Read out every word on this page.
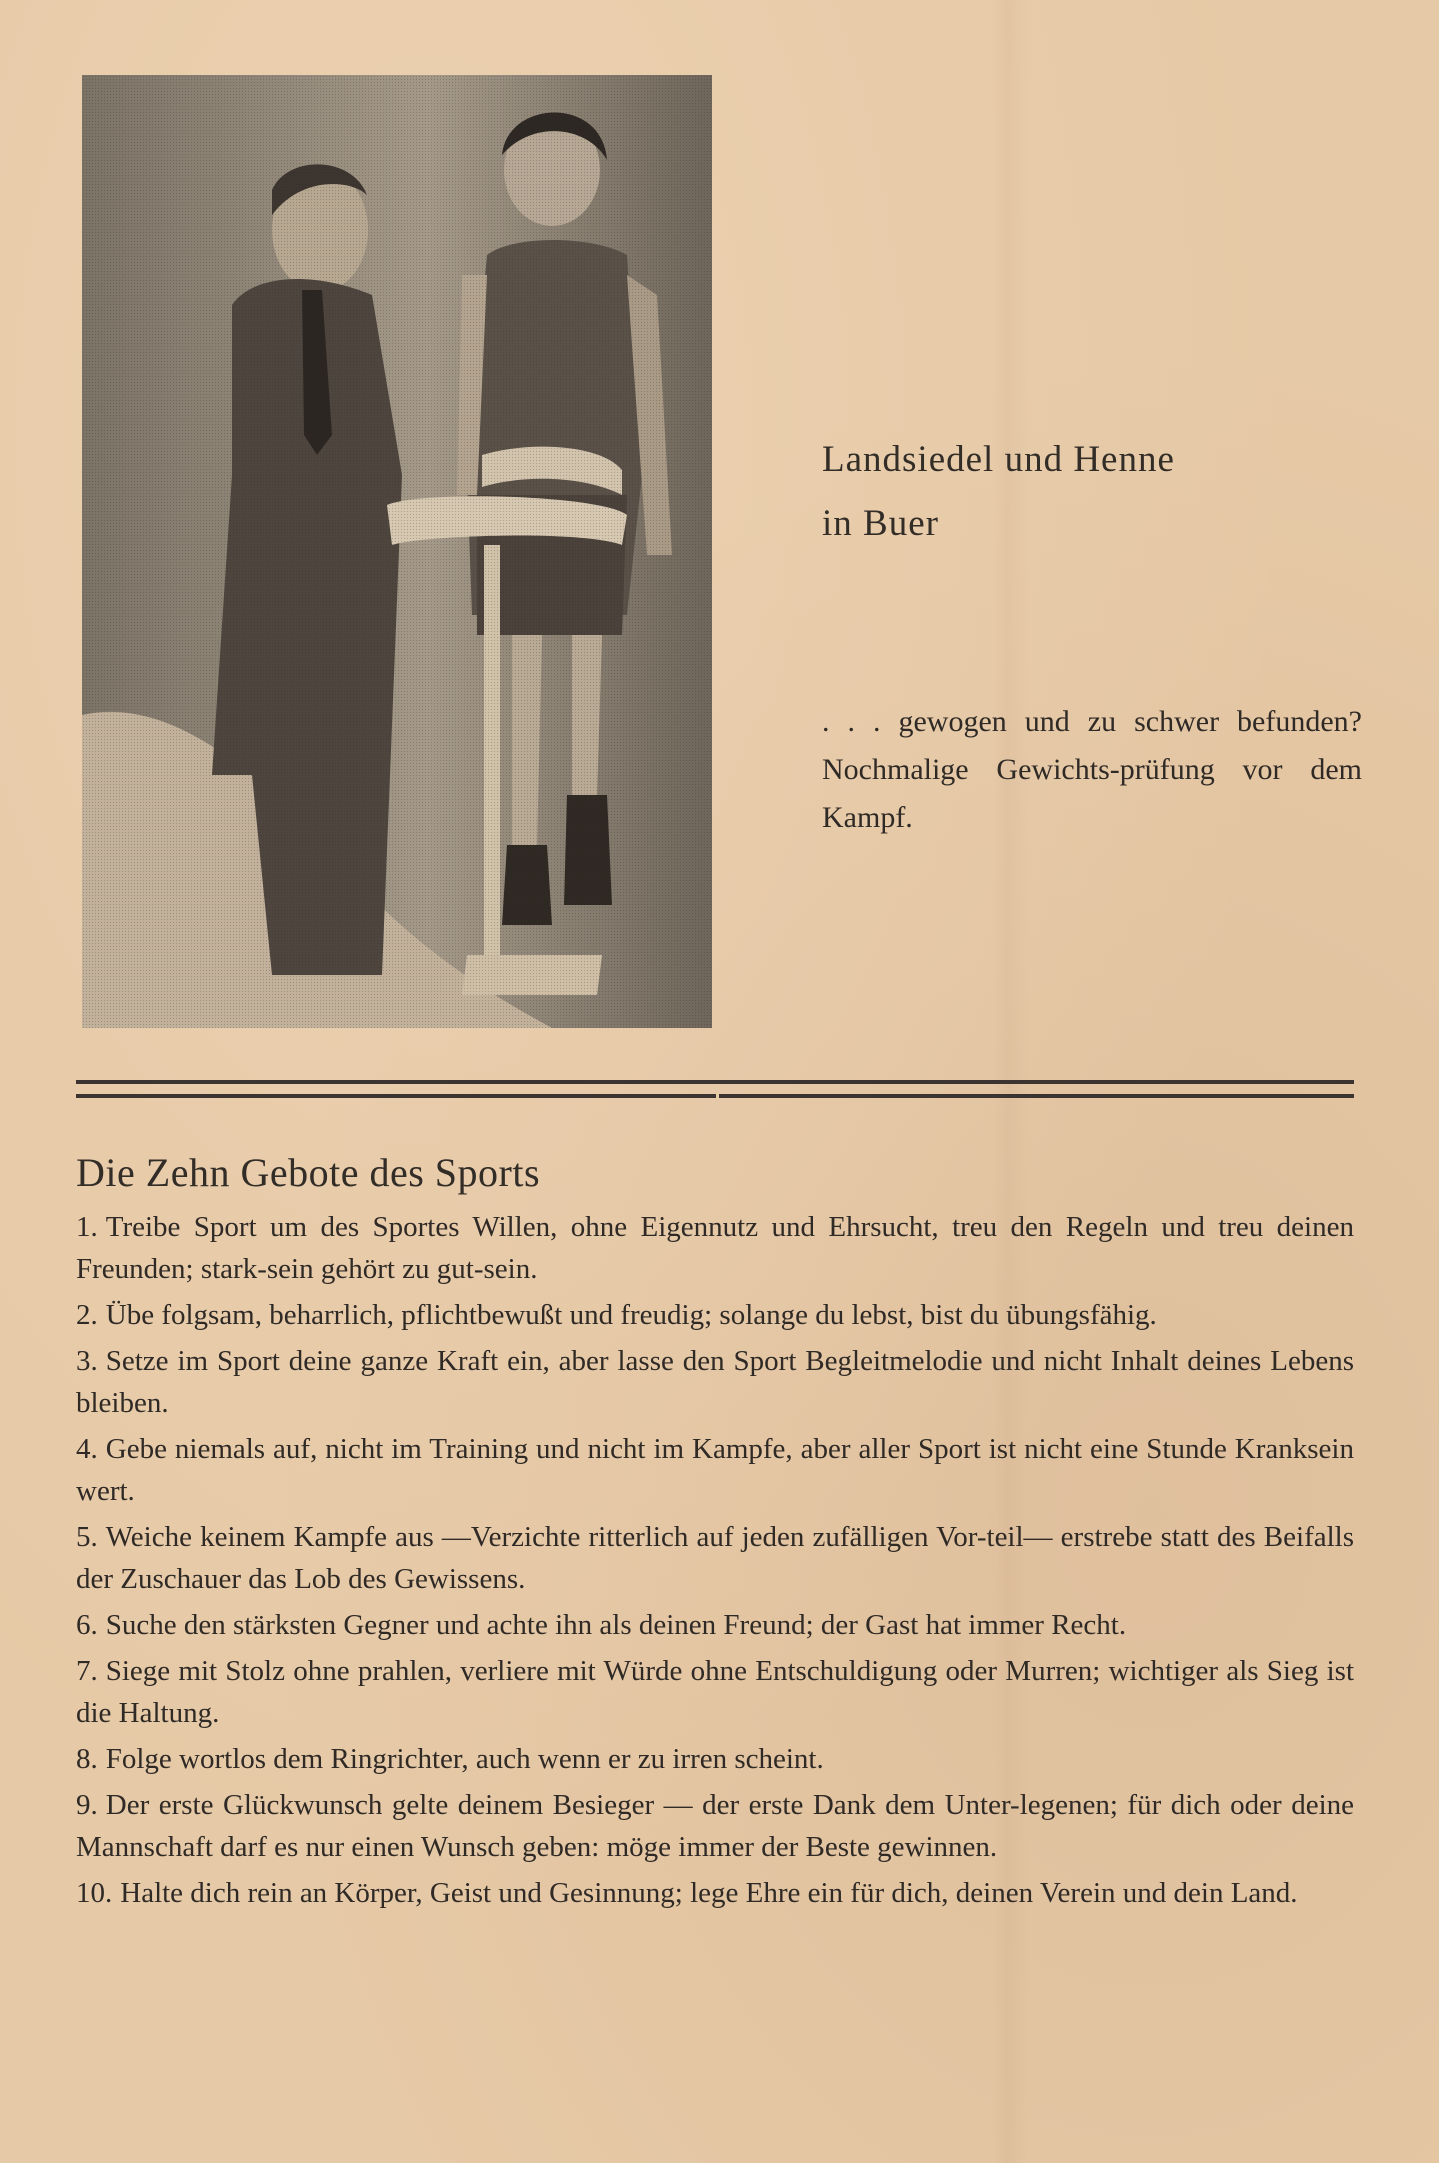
Landsiedel und Henne
in Buer
. . . gewogen und zu schwer befunden? Nochmalige Gewichts-prüfung vor dem Kampf.
Die Zehn Gebote des Sports
1. Treibe Sport um des Sportes Willen, ohne Eigennutz und Ehrsucht, treu den Regeln und treu deinen Freunden; stark-sein gehört zu gut-sein.
2. Übe folgsam, beharrlich, pflichtbewußt und freudig; solange du lebst, bist du übungsfähig.
3. Setze im Sport deine ganze Kraft ein, aber lasse den Sport Begleitmelodie und nicht Inhalt deines Lebens bleiben.
4. Gebe niemals auf, nicht im Training und nicht im Kampfe, aber aller Sport ist nicht eine Stunde Kranksein wert.
5. Weiche keinem Kampfe aus —Verzichte ritterlich auf jeden zufälligen Vor-teil— erstrebe statt des Beifalls der Zuschauer das Lob des Gewissens.
6. Suche den stärksten Gegner und achte ihn als deinen Freund; der Gast hat immer Recht.
7. Siege mit Stolz ohne prahlen, verliere mit Würde ohne Entschuldigung oder Murren; wichtiger als Sieg ist die Haltung.
8. Folge wortlos dem Ringrichter, auch wenn er zu irren scheint.
9. Der erste Glückwunsch gelte deinem Besieger — der erste Dank dem Unter-legenen; für dich oder deine Mannschaft darf es nur einen Wunsch geben: möge immer der Beste gewinnen.
10. Halte dich rein an Körper, Geist und Gesinnung; lege Ehre ein für dich, deinen Verein und dein Land.
